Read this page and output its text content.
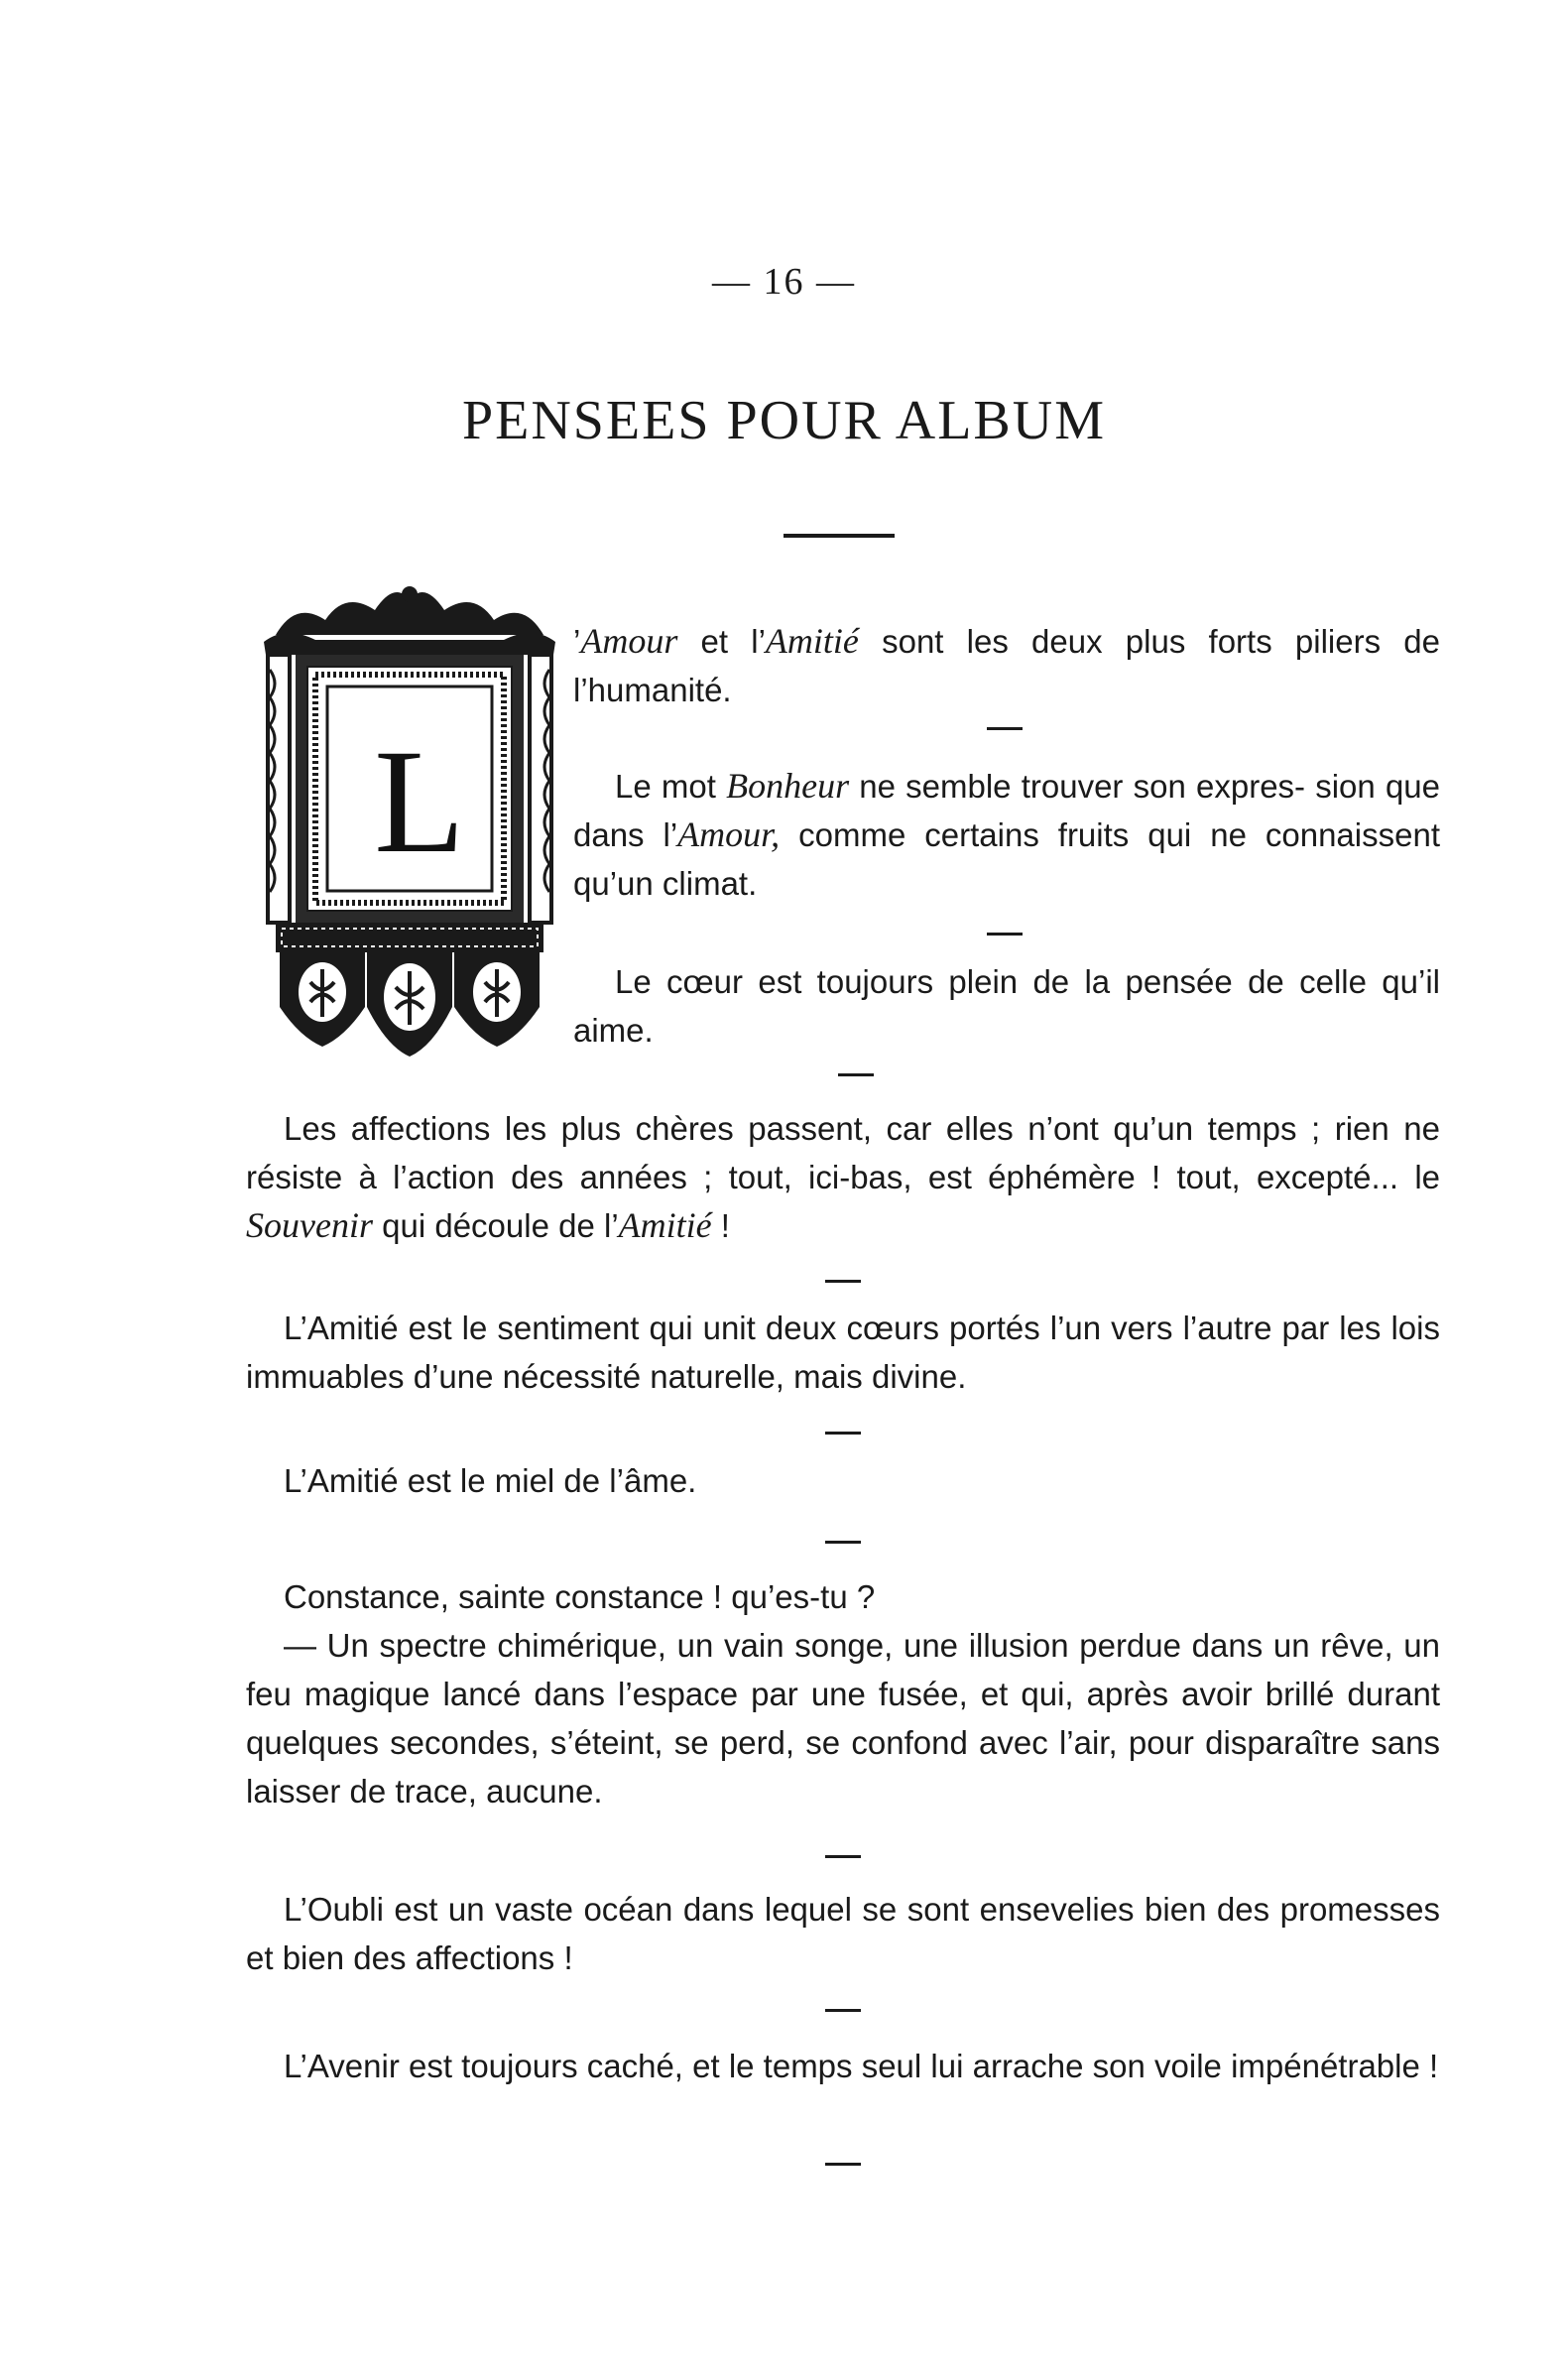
— 16 —
PENSEES POUR ALBUM
L

’Amour et l’Amitié sont les deux plus forts piliers de l’humanité.

Le mot Bonheur ne semble trouver son expres- sion que dans l’Amour, comme certains fruits qui ne connaissent qu’un climat.

Le cœur est toujours plein de la pensée de celle qu’il aime.

Les affections les plus chères passent, car elles n’ont qu’un temps ; rien ne résiste à l’action des années ; tout, ici-bas, est éphémère ! tout, excepté... le Souvenir qui découle de l’Amitié !

L’Amitié est le sentiment qui unit deux cœurs portés l’un vers l’autre par les lois immuables d’une nécessité naturelle, mais divine.

L’Amitié est le miel de l’âme.

Constance, sainte constance ! qu’es-tu ?

— Un spectre chimérique, un vain songe, une illusion perdue dans un rêve, un feu magique lancé dans l’espace par une fusée, et qui, après avoir brillé durant quelques secondes, s’éteint, se perd, se confond avec l’air, pour disparaître sans laisser de trace, aucune.

L’Oubli est un vaste océan dans lequel se sont ensevelies bien des promesses et bien des affections !

L’Avenir est toujours caché, et le temps seul lui arrache son voile impénétrable !
